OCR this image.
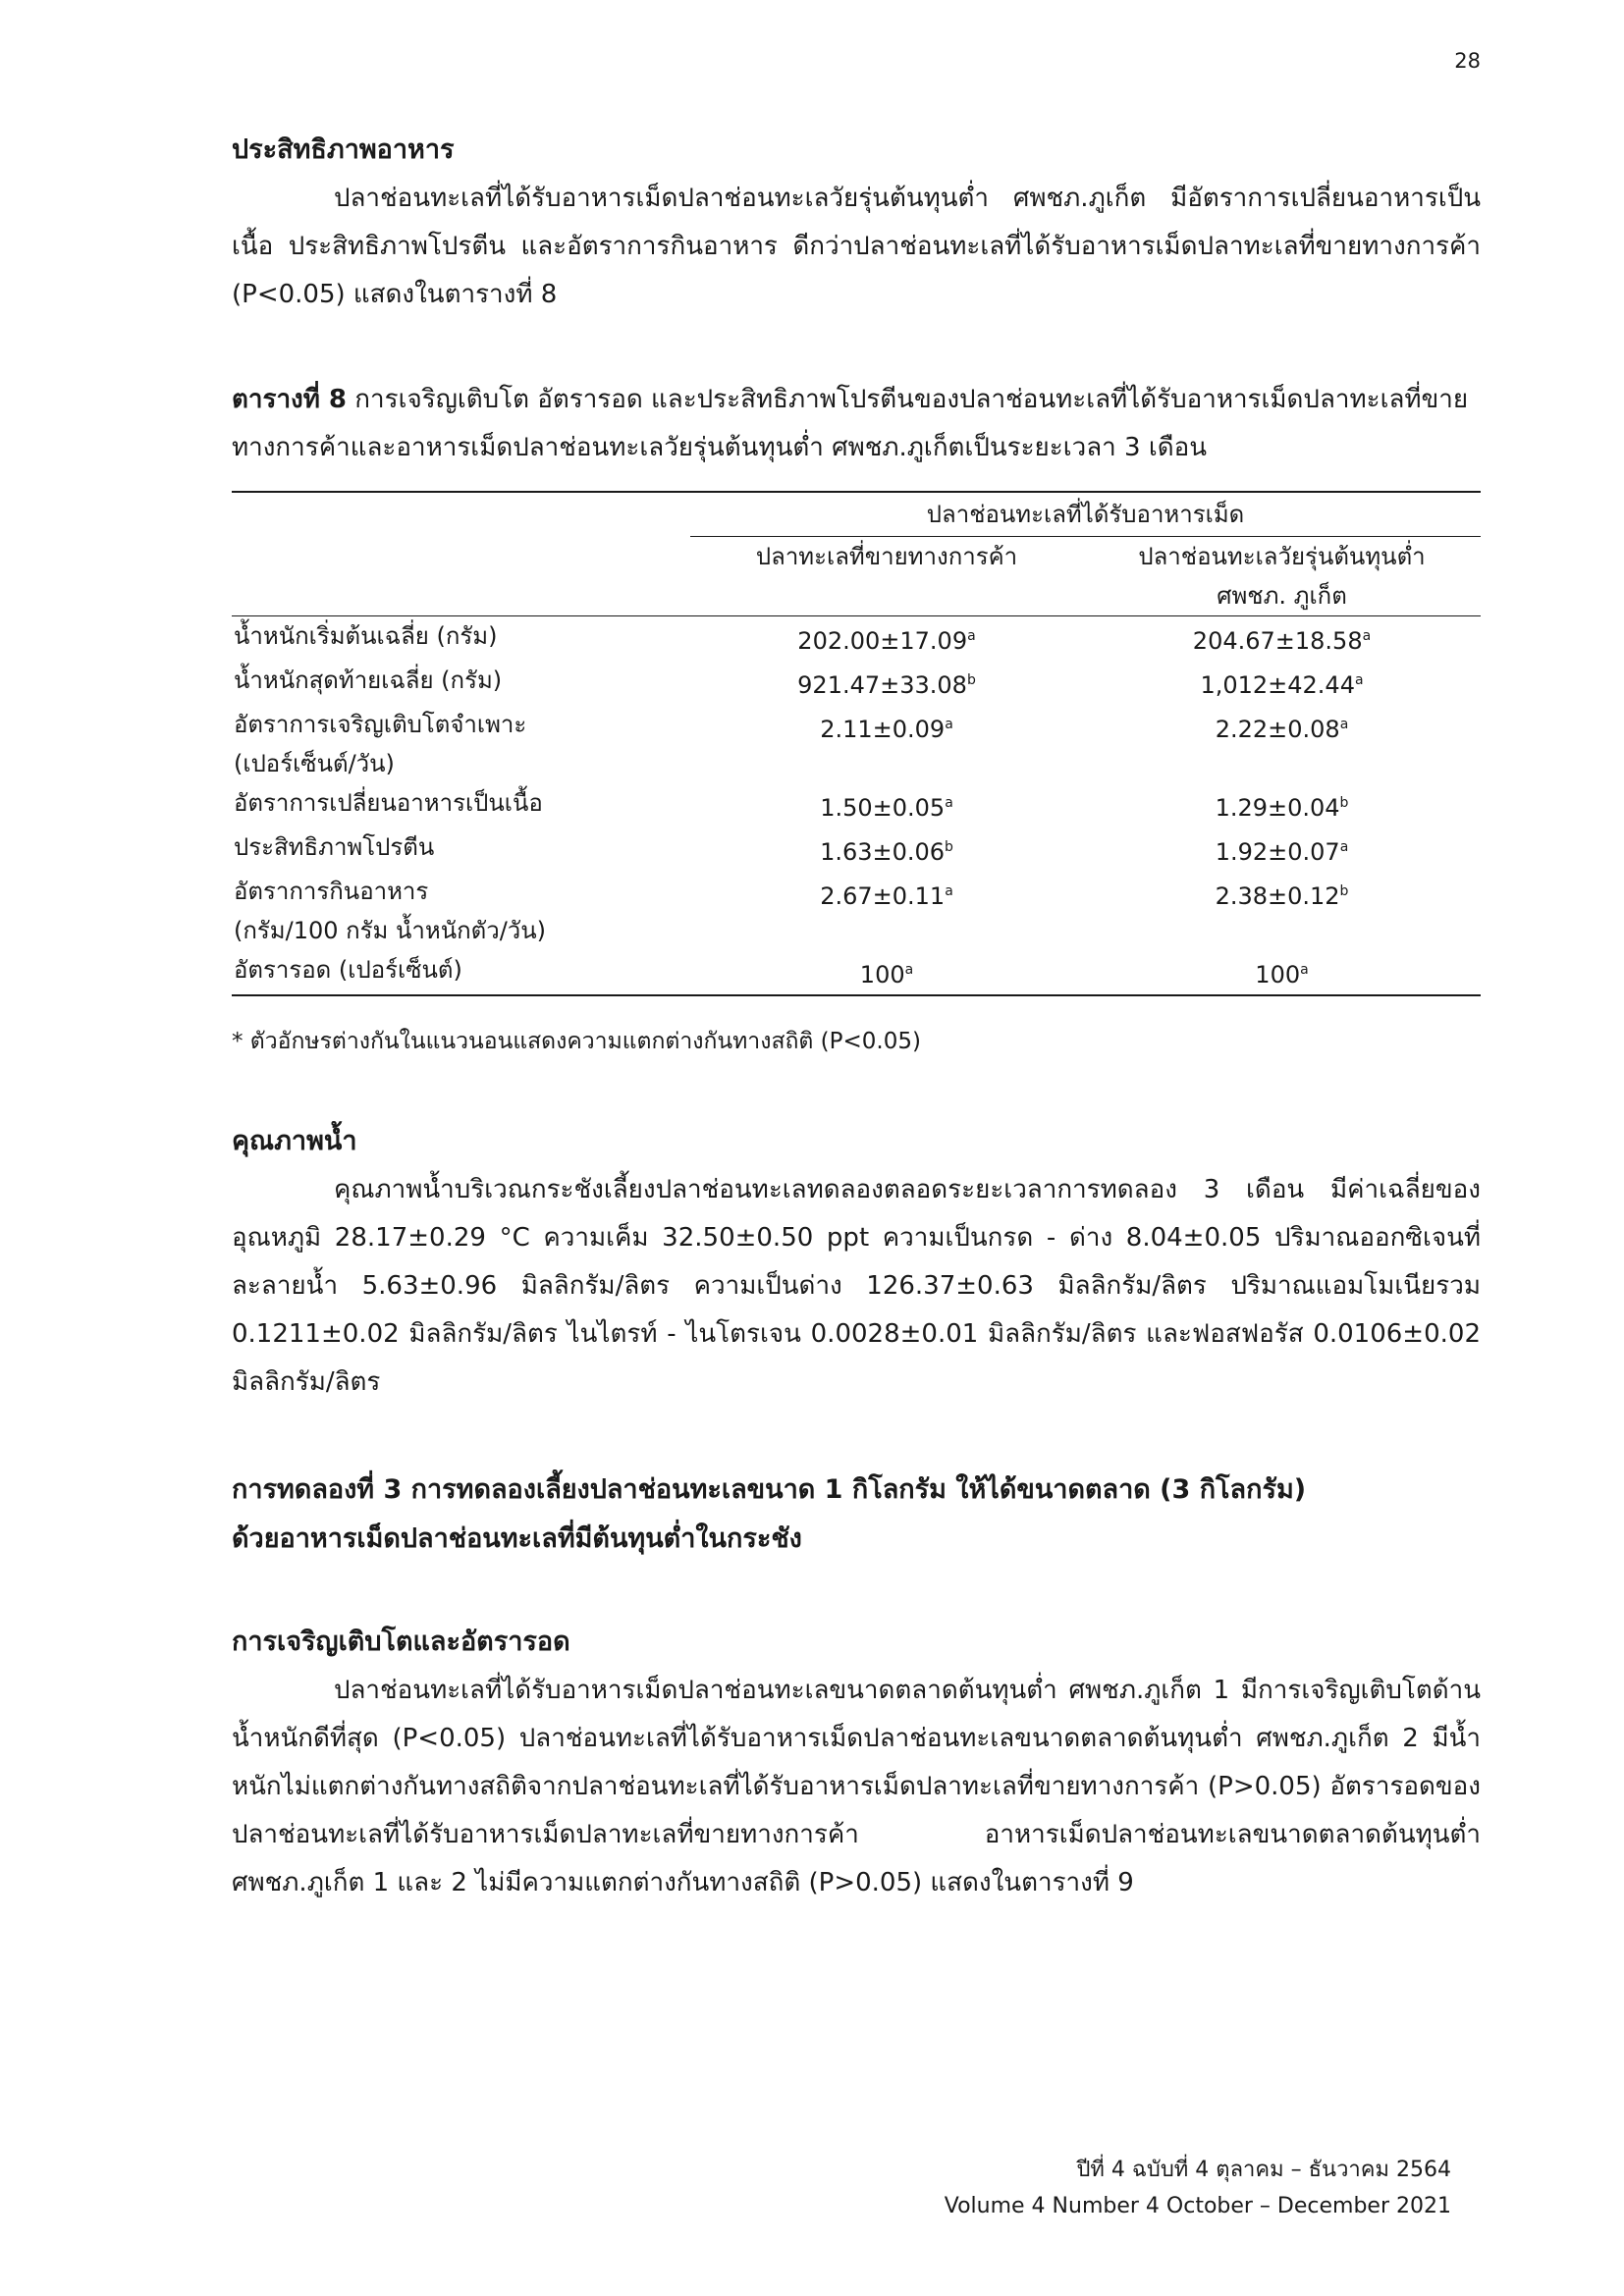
28
ประสิทธิภาพอาหาร

ปลาช่อนทะเลที่ได้รับอาหารเม็ดปลาช่อนทะเลวัยรุ่นต้นทุนต่ำ ศพชภ.ภูเก็ต มีอัตราการเปลี่ยนอาหารเป็นเนื้อ ประสิทธิภาพโปรตีน และอัตราการกินอาหาร ดีกว่าปลาช่อนทะเลที่ได้รับอาหารเม็ดปลาทะเลที่ขายทางการค้า (P<0.05) แสดงในตารางที่ 8

ตารางที่ 8 การเจริญเติบโต อัตรารอด และประสิทธิภาพโปรตีนของปลาช่อนทะเลที่ได้รับอาหารเม็ดปลาทะเลที่ขายทางการค้าและอาหารเม็ดปลาช่อนทะเลวัยรุ่นต้นทุนต่ำ ศพชภ.ภูเก็ตเป็นระยะเวลา 3 เดือน

	ปลาช่อนทะเลที่ได้รับอาหารเม็ด	
	ปลาทะเลที่ขายทางการค้า	ปลาช่อนทะเลวัยรุ่นต้นทุนต่ำ
ศพชภ. ภูเก็ต

น้ำหนักเริ่มต้นเฉลี่ย (กรัม)	202.00±17.09$^a$	204.67±18.58$^a$
น้ำหนักสุดท้ายเฉลี่ย (กรัม)	921.47±33.08$^b$	1,012±42.44$^a$

อัตราการเจริญเติบโตจำเพาะ
(เปอร์เซ็นต์/วัน)	2.11±0.09$^a$	2.22±0.08$^a$
อัตราการเปลี่ยนอาหารเป็นเนื้อ	1.50±0.05$^a$	1.29±0.04$^b$
ประสิทธิภาพโปรตีน	1.63±0.06$^b$	1.92±0.07$^a$

อัตราการกินอาหาร
(กรัม/100 กรัม น้ำหนักตัว/วัน)	2.67±0.11$^a$	2.38±0.12$^b$
อัตรารอด (เปอร์เซ็นต์)	100$^a$	100$^a$

* ตัวอักษรต่างกันในแนวนอนแสดงความแตกต่างกันทางสถิติ (P<0.05)

คุณภาพน้ำ

คุณภาพน้ำบริเวณกระชังเลี้ยงปลาช่อนทะเลทดลองตลอดระยะเวลาการทดลอง 3 เดือน มีค่าเฉลี่ยของอุณหภูมิ 28.17±0.29 °C ความเค็ม 32.50±0.50 ppt ความเป็นกรด - ด่าง 8.04±0.05 ปริมาณออกซิเจนที่ละลายน้ำ 5.63±0.96 มิลลิกรัม/ลิตร ความเป็นด่าง 126.37±0.63 มิลลิกรัม/ลิตร ปริมาณแอมโมเนียรวม 0.1211±0.02 มิลลิกรัม/ลิตร ไนไตรท์ - ไนโตรเจน 0.0028±0.01 มิลลิกรัม/ลิตร และฟอสฟอรัส 0.0106±0.02 มิลลิกรัม/ลิตร

การทดลองที่ 3 การทดลองเลี้ยงปลาช่อนทะเลขนาด 1 กิโลกรัม ให้ได้ขนาดตลาด (3 กิโลกรัม)
ด้วยอาหารเม็ดปลาช่อนทะเลที่มีต้นทุนต่ำในกระชัง
การเจริญเติบโตและอัตรารอด

ปลาช่อนทะเลที่ได้รับอาหารเม็ดปลาช่อนทะเลขนาดตลาดต้นทุนต่ำ ศพชภ.ภูเก็ต 1 มีการเจริญเติบโตด้านน้ำหนักดีที่สุด (P<0.05) ปลาช่อนทะเลที่ได้รับอาหารเม็ดปลาช่อนทะเลขนาดตลาดต้นทุนต่ำ ศพชภ.ภูเก็ต 2 มีน้ำหนักไม่แตกต่างกันทางสถิติจากปลาช่อนทะเลที่ได้รับอาหารเม็ดปลาทะเลที่ขายทางการค้า (P>0.05) อัตรารอดของปลาช่อนทะเลที่ได้รับอาหารเม็ดปลาทะเลที่ขายทางการค้า อาหารเม็ดปลาช่อนทะเลขนาดตลาดต้นทุนต่ำ ศพชภ.ภูเก็ต 1 และ 2 ไม่มีความแตกต่างกันทางสถิติ (P>0.05) แสดงในตารางที่ 9

ปีที่ 4 ฉบับที่ 4 ตุลาคม – ธันวาคม 2564

Volume 4 Number 4 October – December 2021
